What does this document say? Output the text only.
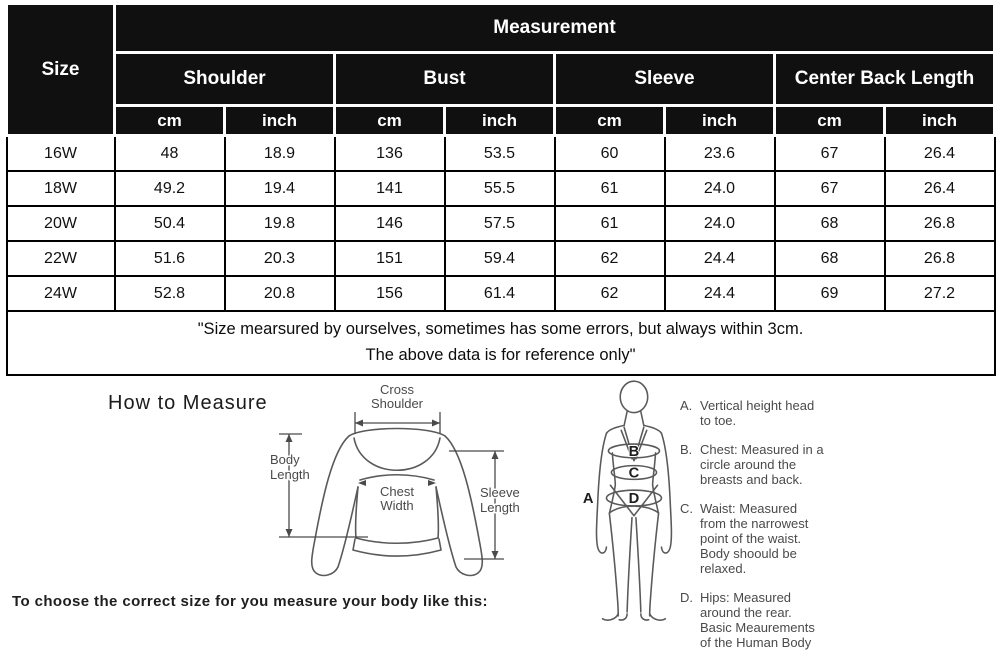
Size	Measurement							
	Shoulder		Bust		Sleeve		Center Back Length	
	cm	inch	cm	inch	cm	inch	cm	inch
16W	48	18.9	136	53.5	60	23.6	67	26.4
18W	49.2	19.4	141	55.5	61	24.0	67	26.4
20W	50.4	19.8	146	57.5	61	24.0	68	26.8
22W	51.6	20.3	151	59.4	62	24.4	68	26.8
24W	52.8	20.8	156	61.4	62	24.4	69	27.2

"Size mearsured by ourselves, sometimes has some errors, but always within 3cm.
The above data is for reference only"								
How to Measure
Cross
Shoulder
Body
Length
Chest
Width
Sleeve
Length
A
B
C
D
A. Vertical height head
to toe.
B. Chest: Measured in a
circle around the
breasts and back.
C. Waist: Measured
from the narrowest
point of the waist.
Body shoould be
relaxed.
D. Hips: Measured
around the rear.
Basic Meaurements
of the Human Body
To choose the correct size for you measure your body like this:
